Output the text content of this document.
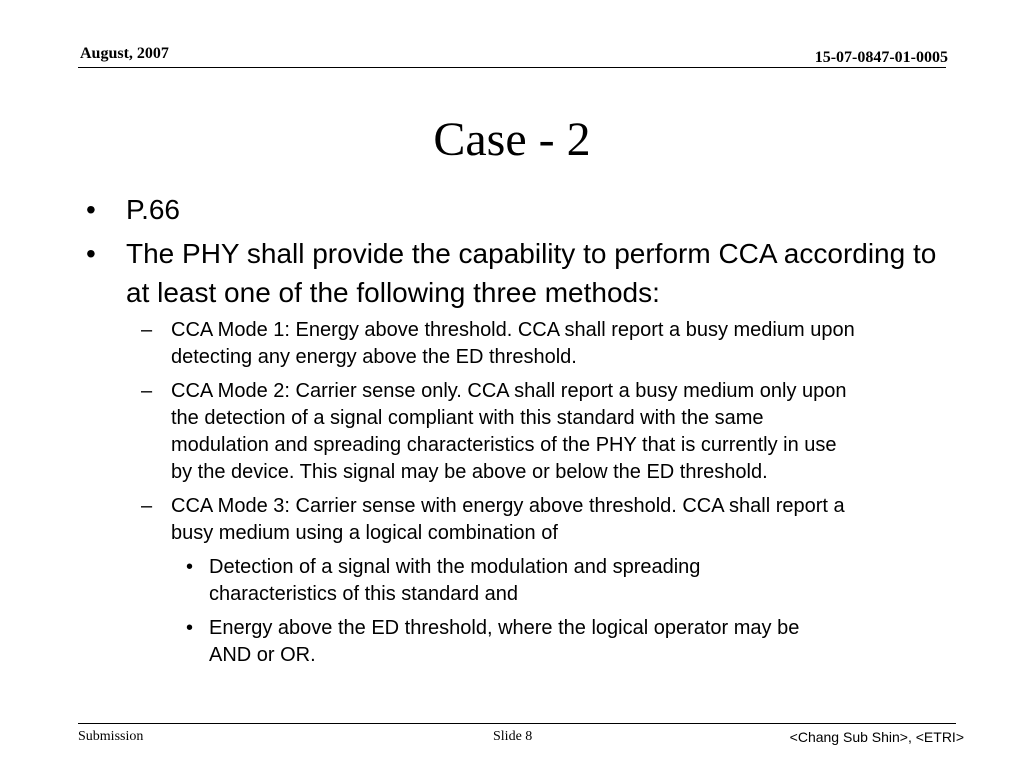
August, 2007	15-07-0847-01-0005
Case - 2
• P.66
• The PHY shall provide the capability to perform CCA according to at least one of the following three methods:
– CCA Mode 1: Energy above threshold. CCA shall report a busy medium upon detecting any energy above the ED threshold.
– CCA Mode 2: Carrier sense only. CCA shall report a busy medium only upon the detection of a signal compliant with this standard with the same modulation and spreading characteristics of the PHY that is currently in use by the device. This signal may be above or below the ED threshold.
– CCA Mode 3: Carrier sense with energy above threshold. CCA shall report a busy medium using a logical combination of
• Detection of a signal with the modulation and spreading characteristics of this standard and
• Energy above the ED threshold, where the logical operator may be AND or OR.
Submission	Slide 8	<Chang Sub Shin>, <ETRI>
